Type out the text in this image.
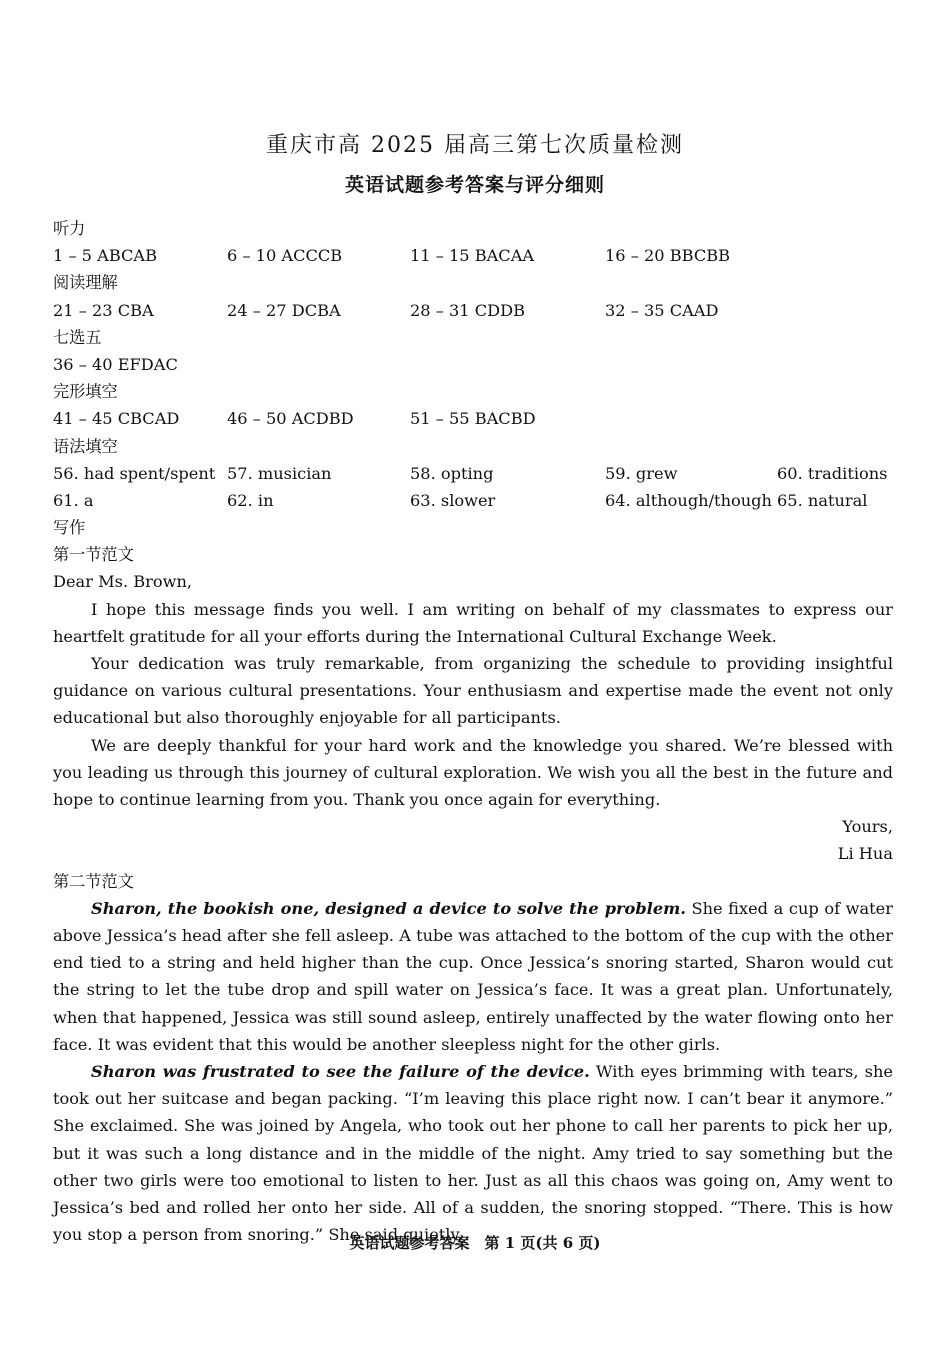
重庆市高 2025 届高三第七次质量检测
英语试题参考答案与评分细则
听力
1 – 5 ABCAB	6 – 10 ACCCB	11 – 15 BACAA	16 – 20 BBCBB
阅读理解
21 – 23 CBA	24 – 27 DCBA	28 – 31 CDDB	32 – 35 CAAD
七选五
36 – 40 EFDAC
完形填空
41 – 45 CBCAD	46 – 50 ACDBD	51 – 55 BACBD
语法填空
56. had spent/spent 57. musician	58. opting	59. grew	60. traditions
61. a	62. in	63. slower	64. although/though 65. natural
写作
第一节范文
Dear Ms. Brown,

I hope this message finds you well. I am writing on behalf of my classmates to express our heartfelt gratitude for all your efforts during the International Cultural Exchange Week.

Your dedication was truly remarkable, from organizing the schedule to providing insightful guidance on various cultural presentations. Your enthusiasm and expertise made the event not only educational but also thoroughly enjoyable for all participants.

We are deeply thankful for your hard work and the knowledge you shared. We’re blessed with you leading us through this journey of cultural exploration. We wish you all the best in the future and hope to continue learning from you. Thank you once again for everything.

Yours,
Li Hua
第二节范文

Sharon, the bookish one, designed a device to solve the problem. She fixed a cup of water above Jessica’s head after she fell asleep. A tube was attached to the bottom of the cup with the other end tied to a string and held higher than the cup. Once Jessica’s snoring started, Sharon would cut the string to let the tube drop and spill water on Jessica’s face. It was a great plan. Unfortunately, when that happened, Jessica was still sound asleep, entirely unaffected by the water flowing onto her face. It was evident that this would be another sleepless night for the other girls.

Sharon was frustrated to see the failure of the device. With eyes brimming with tears, she took out her suitcase and began packing. “I’m leaving this place right now. I can’t bear it anymore.” She exclaimed. She was joined by Angela, who took out her phone to call her parents to pick her up, but it was such a long distance and in the middle of the night. Amy tried to say something but the other two girls were too emotional to listen to her. Just as all this chaos was going on, Amy went to Jessica’s bed and rolled her onto her side. All of a sudden, the snoring stopped. “There. This is how you stop a person from snoring.” She said quietly.

英语试题参考答案　第 1 页(共 6 页)
